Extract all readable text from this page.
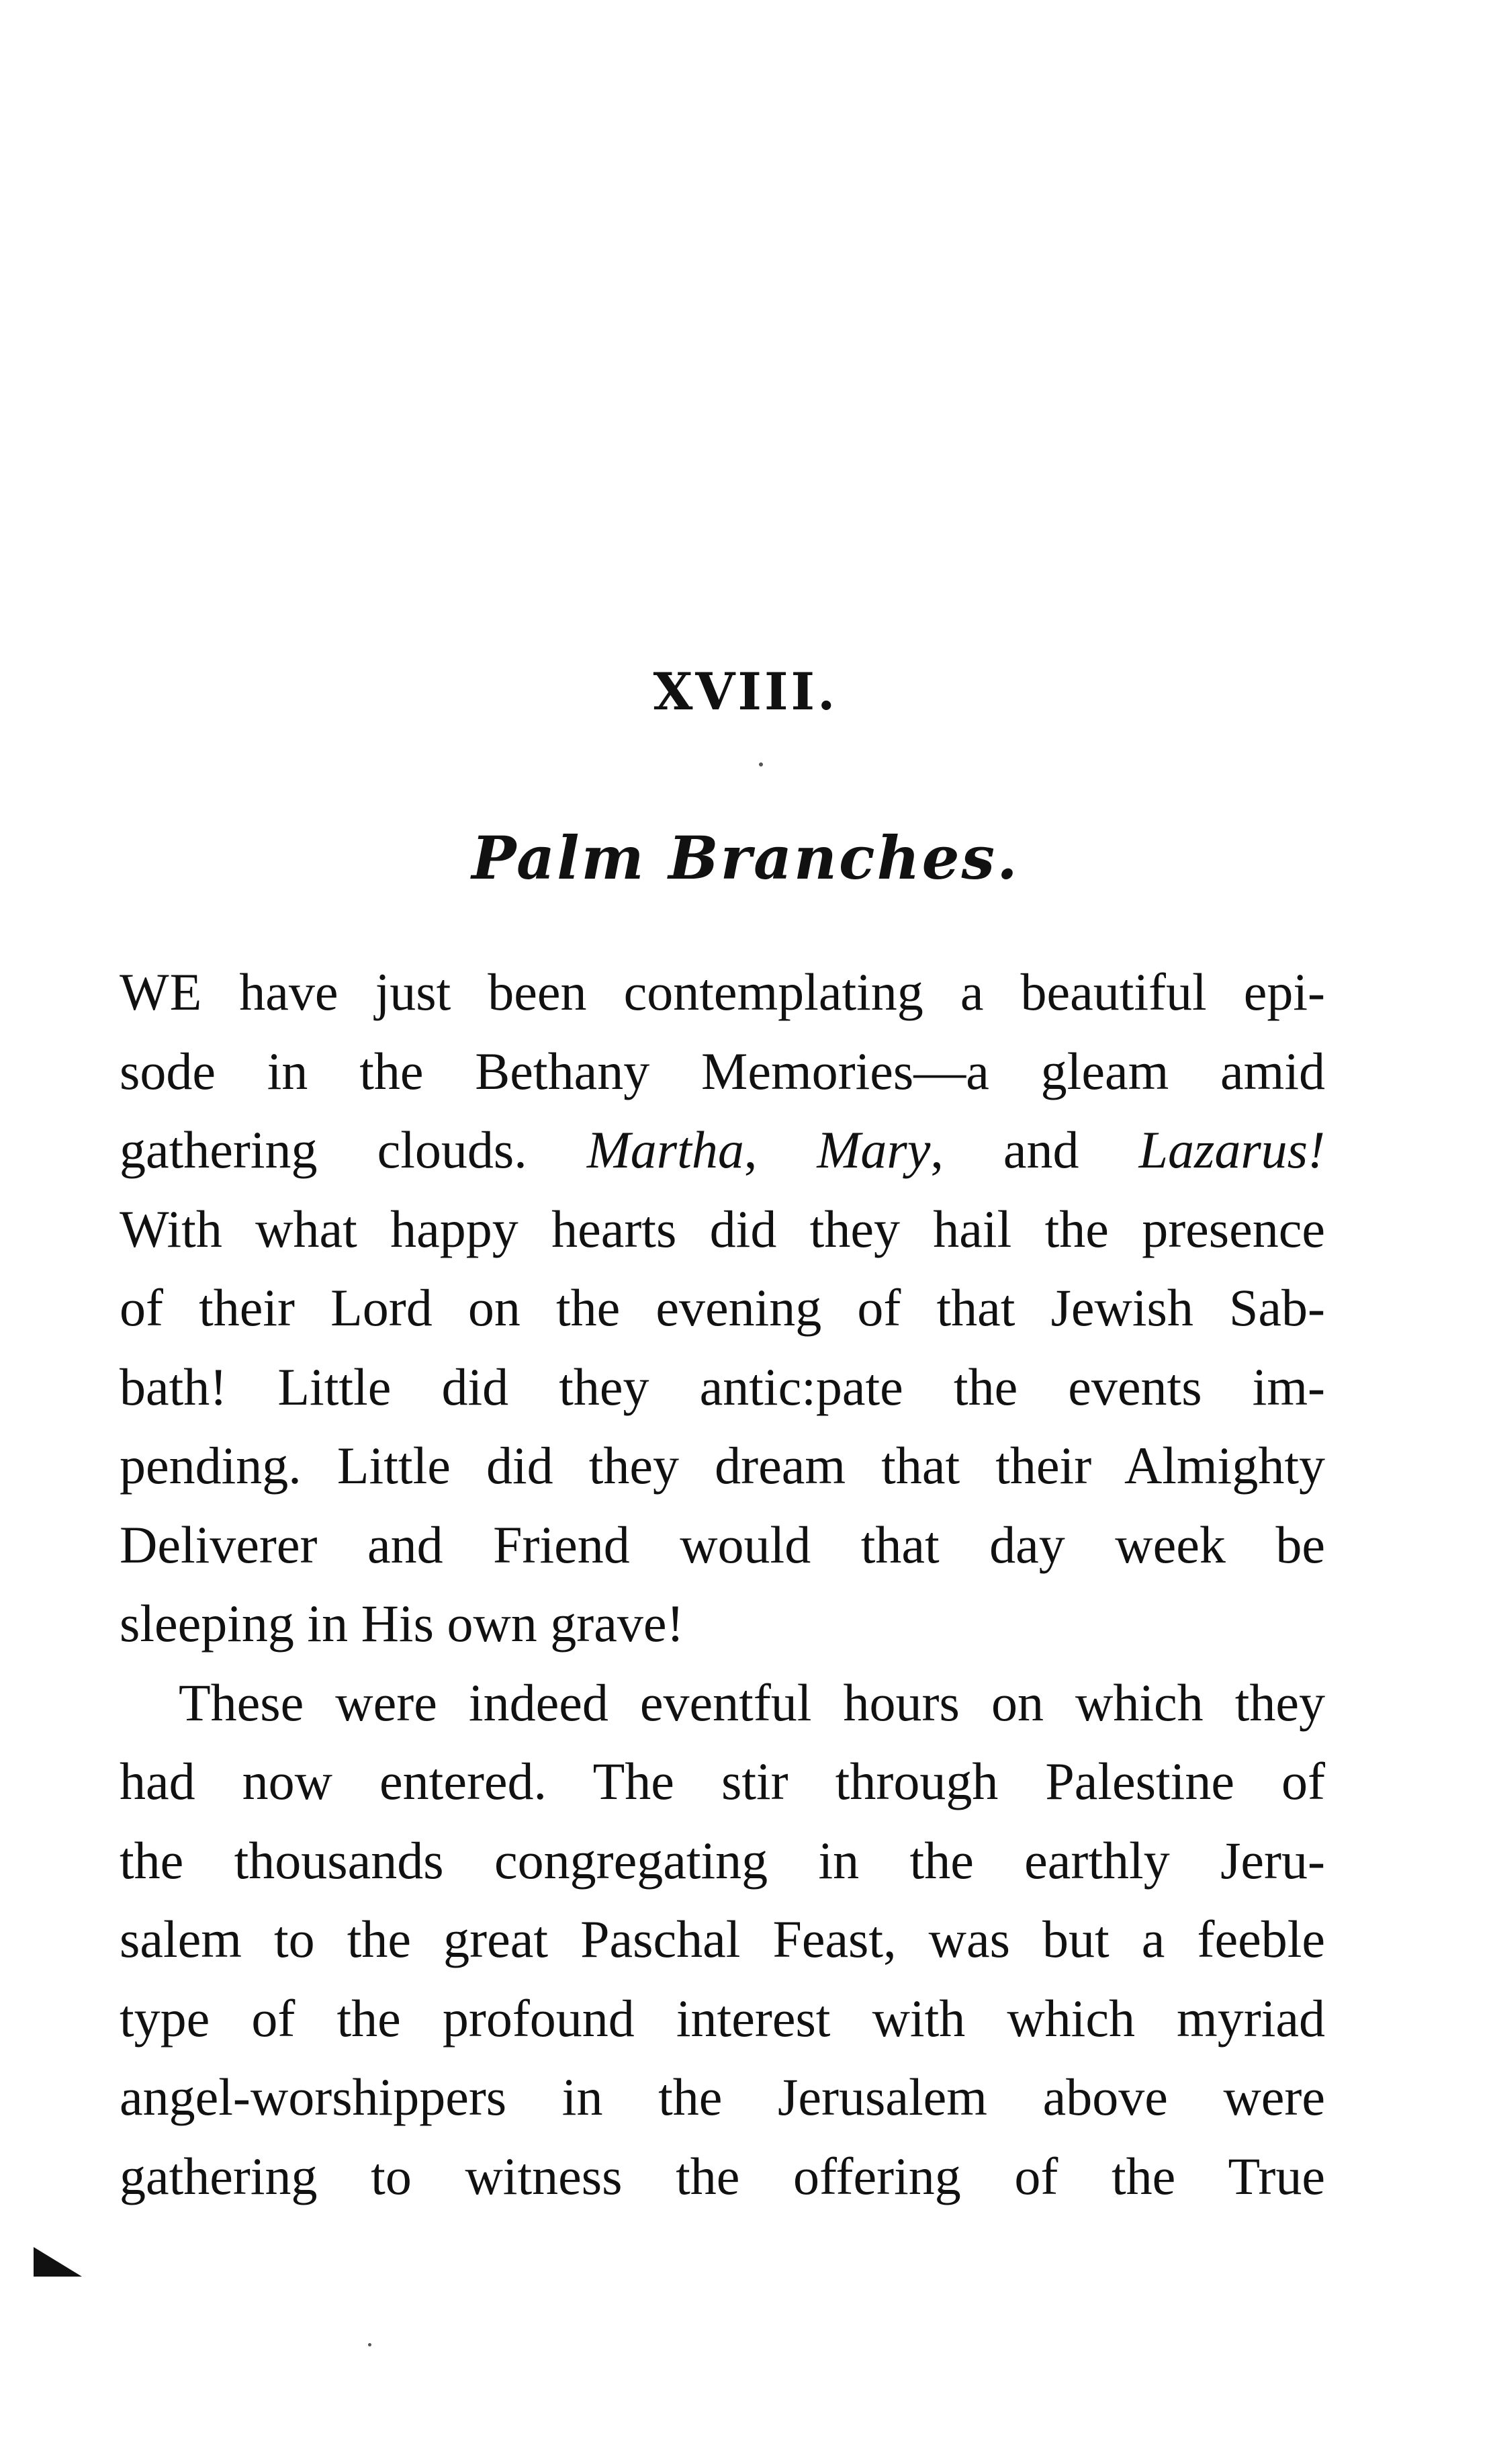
XVIII.
Palm Branches.
WE have just been contemplating a beautiful epi-
sode in the Bethany Memories—a gleam amid
gathering clouds. Martha, Mary, and Lazarus!
With what happy hearts did they hail the presence
of their Lord on the evening of that Jewish Sab-
bath! Little did they antic:pate the events im-
pending. Little did they dream that their Almighty
Deliverer and Friend would that day week be
sleeping in His own grave!
These were indeed eventful hours on which they
had now entered. The stir through Palestine of
the thousands congregating in the earthly Jeru-
salem to the great Paschal Feast, was but a feeble
type of the profound interest with which myriad
angel-worshippers in the Jerusalem above were
gathering to witness the offering of the True
